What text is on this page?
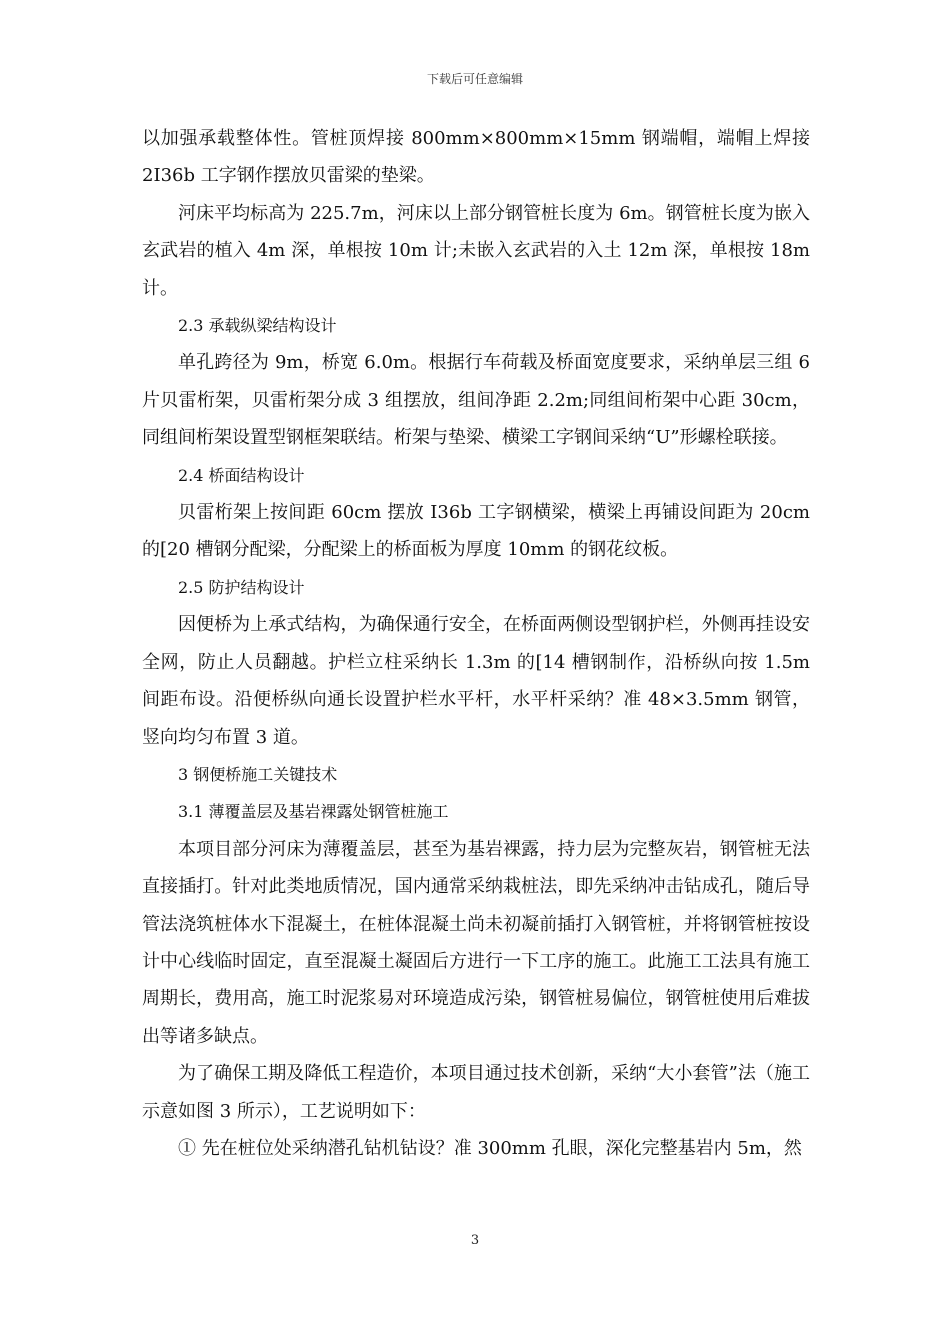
下载后可任意编辑

以加强承载整体性。管桩顶焊接 800mm×800mm×15mm 钢端帽，端帽上焊接 2I36b 工字钢作摆放贝雷梁的垫梁。

河床平均标高为 225.7m，河床以上部分钢管桩长度为 6m。钢管桩长度为嵌入玄武岩的植入 4m 深，单根按 10m 计;未嵌入玄武岩的入土 12m 深，单根按 18m 计。

2.3 承载纵梁结构设计

单孔跨径为 9m，桥宽 6.0m。根据行车荷载及桥面宽度要求，采纳单层三组 6 片贝雷桁架，贝雷桁架分成 3 组摆放，组间净距 2.2m;同组间桁架中心距 30cm，同组间桁架设置型钢框架联结。桁架与垫梁、横梁工字钢间采纳“U”形螺栓联接。

2.4 桥面结构设计

贝雷桁架上按间距 60cm 摆放 I36b 工字钢横梁，横梁上再铺设间距为 20cm 的[20 槽钢分配梁，分配梁上的桥面板为厚度 10mm 的钢花纹板。

2.5 防护结构设计

因便桥为上承式结构，为确保通行安全，在桥面两侧设型钢护栏，外侧再挂设安全网，防止人员翻越。护栏立柱采纳长 1.3m 的[14 槽钢制作，沿桥纵向按 1.5m 间距布设。沿便桥纵向通长设置护栏水平杆，水平杆采纳？准 48×3.5mm 钢管，竖向均匀布置 3 道。

3 钢便桥施工关键技术

3.1 薄覆盖层及基岩裸露处钢管桩施工

本项目部分河床为薄覆盖层，甚至为基岩裸露，持力层为完整灰岩，钢管桩无法直接插打。针对此类地质情况，国内通常采纳栽桩法，即先采纳冲击钻成孔，随后导管法浇筑桩体水下混凝土，在桩体混凝土尚未初凝前插打入钢管桩，并将钢管桩按设计中心线临时固定，直至混凝土凝固后方进行一下工序的施工。此施工工法具有施工周期长，费用高，施工时泥浆易对环境造成污染，钢管桩易偏位，钢管桩使用后难拔出等诸多缺点。

为了确保工期及降低工程造价，本项目通过技术创新，采纳“大小套管”法（施工示意如图 3 所示），工艺说明如下：

① 先在桩位处采纳潜孔钻机钻设？准 300mm 孔眼，深化完整基岩内 5m，然

3
